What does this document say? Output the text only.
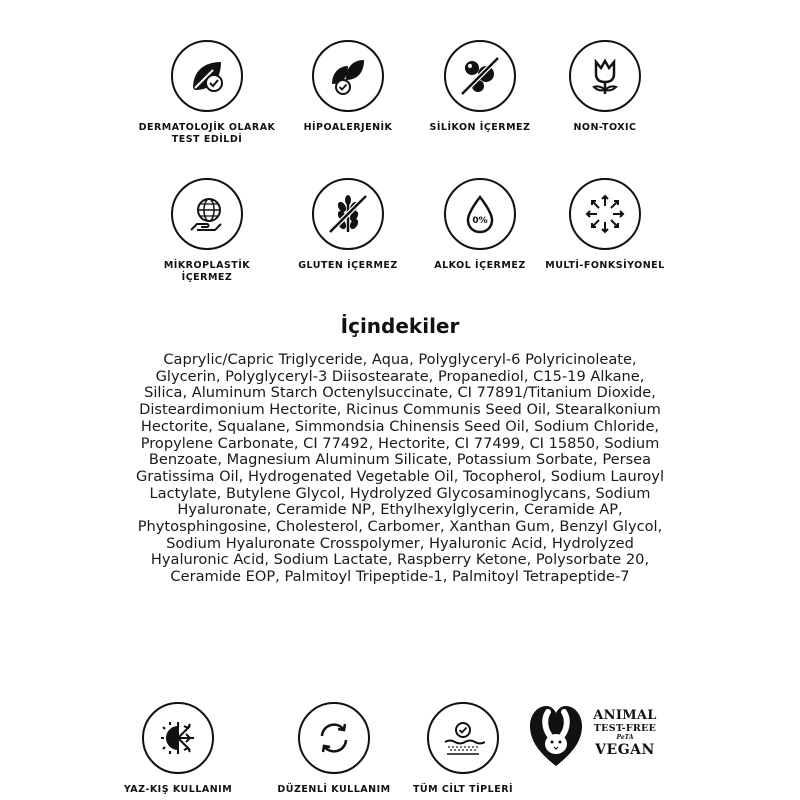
DERMATOLOJİK OLARAK TEST EDİLDİ
HİPOALERJENİK	SİLİKON İÇERMEZ	NON-TOXIC
MİKROPLASTİK İÇERMEZ
GLUTEN İÇERMEZ
0%
ALKOL İÇERMEZ	MULTİ-FONKSİYONEL
İçindekiler
Caprylic/Capric Triglyceride, Aqua, Polyglyceryl-6 Polyricinoleate, Glycerin, Polyglyceryl-3 Diisostearate, Propanediol, C15-19 Alkane, Silica, Aluminum Starch Octenylsuccinate, CI 77891/Titanium Dioxide, Disteardimonium Hectorite, Ricinus Communis Seed Oil, Stearalkonium Hectorite, Squalane, Simmondsia Chinensis Seed Oil, Sodium Chloride, Propylene Carbonate, CI 77492, Hectorite, CI 77499, CI 15850, Sodium Benzoate, Magnesium Aluminum Silicate, Potassium Sorbate, Persea Gratissima Oil, Hydrogenated Vegetable Oil, Tocopherol, Sodium Lauroyl Lactylate, Butylene Glycol, Hydrolyzed Glycosaminoglycans, Sodium Hyaluronate, Ceramide NP, Ethylhexylglycerin, Ceramide AP, Phytosphingosine, Cholesterol, Carbomer, Xanthan Gum, Benzyl Glycol, Sodium Hyaluronate Crosspolymer, Hyaluronic Acid, Hydrolyzed Hyaluronic Acid, Sodium Lactate, Raspberry Ketone, Polysorbate 20, Ceramide EOP, Palmitoyl Tripeptide-1, Palmitoyl Tetrapeptide-7
YAZ-KIŞ KULLANIM	DÜZENLİ KULLANIM	TÜM CİLT TİPLERİ
ANIMAL
TEST-FREE
PeTA
VEGAN
